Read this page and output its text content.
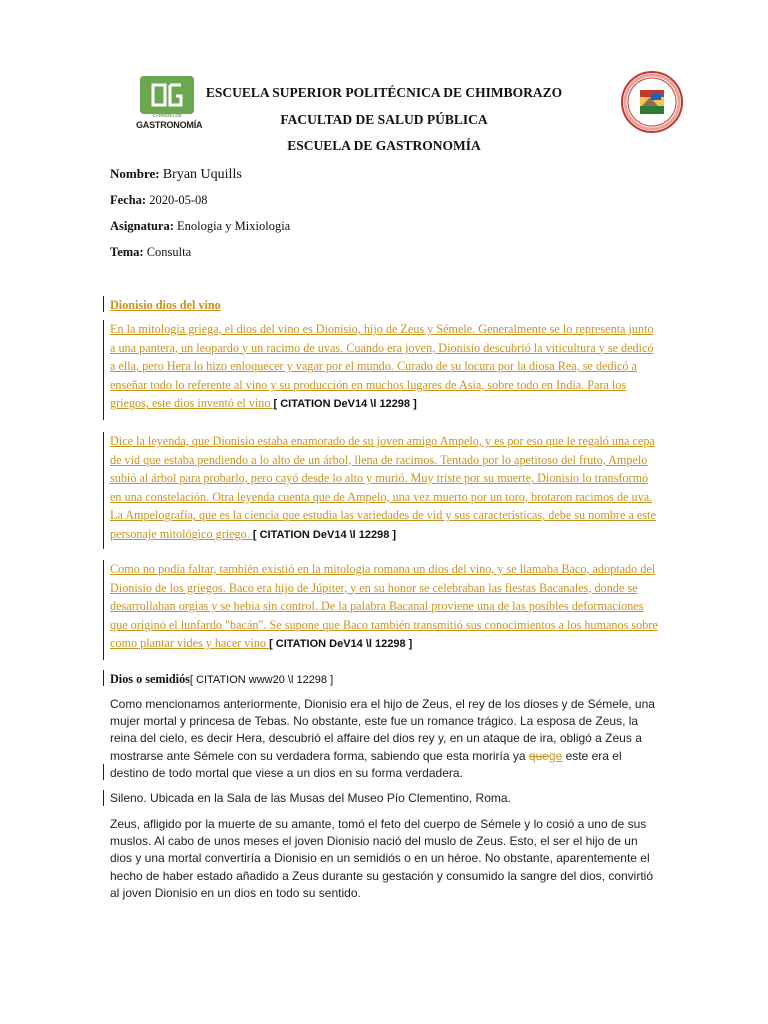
CARRERA DE
GASTRONOMÍA
ESCUELA SUPERIOR POLITÉCNICA DE CHIMBORAZO
FACULTAD DE SALUD PÚBLICA
ESCUELA DE GASTRONOMÍA
Nombre: Bryan Uquills
Fecha: 2020-05-08
Asignatura: Enologia y Mixiologia
Tema: Consulta
Dionisio dios del vino
En la mitologia griega, el dios del vino es Dionisio, hijo de Zeus y Sémele. Generalmente se lo representa junto a una pantera, un leopardo y un racimo de uvas. Cuando era joven, Dionisio descubrió la viticultura y se dedicó a ella, pero Hera lo hizo enloquecer y vagar por el mundo. Curado de su locura por la diosa Rea, se dedicó a enseñar todo lo referente al vino y su producción en muchos lugares de Asia, sobre todo en India. Para los griegos, este dios inventó el vino [ CITATION DeV14 \l 12298 ]
Dice la leyenda, que Dionisio estaba enamorado de su joven amigo Ampelo, y es por eso que le regaló una cepa de vid que estaba pendiendo a lo alto de un árbol, llena de racimos. Tentado por lo apetitoso del fruto, Ampelo subió al árbol para probarlo, pero cayó desde lo alto y murió. Muy triste por su muerte, Dionisio lo transformó en una constelación. Otra leyenda cuenta que de Ampelo, una vez muerto por un toro, brotaron racimos de uva. La Ampelografía, que es la ciencia que estudia las variedades de vid y sus características, debe su nombre a este personaje mitológico griego. [ CITATION DeV14 \l 12298 ]
Como no podía faltar, también existió en la mitologia romana un dios del vino, y se llamaba Baco, adoptado del Dionisio de los griegos. Baco era hijo de Júpiter, y en su honor se celebraban las fiestas Bacanales, donde se desarrollaban orgias y se bebia sin control. De la palabra Bacanal proviene una de las posibles deformaciones que originó el lunfardo "bacán". Se supone que Baco también transmitió sus conocimientos a los humanos sobre como plantar vides y hacer vino [ CITATION DeV14 \l 12298 ]
Dios o semidiós[ CITATION www20 \l 12298 ]
Como mencionamos anteriormente, Dionisio era el hijo de Zeus, el rey de los dioses y de Sémele, una mujer mortal y princesa de Tebas. No obstante, este fue un romance trágico. La esposa de Zeus, la reina del cielo, es decir Hera, descubrió el affaire del dios rey y, en un ataque de ira, obligó a Zeus a mostrarse ante Sémele con su verdadera forma, sabiendo que esta moriría ya quege este era el destino de todo mortal que viese a un dios en su forma verdadera.
Sileno. Ubicada en la Sala de las Musas del Museo Pío Clementino, Roma.
Zeus, afligido por la muerte de su amante, tomó el feto del cuerpo de Sémele y lo cosió a uno de sus muslos. Al cabo de unos meses el joven Dionisio nació del muslo de Zeus. Esto, el ser el hijo de un dios y una mortal convertiría a Dionisio en un semidiós o en un héroe. No obstante, aparentemente el hecho de haber estado añadido a Zeus durante su gestación y consumido la sangre del dios, convirtió al joven Dionisio en un dios en todo su sentido.
